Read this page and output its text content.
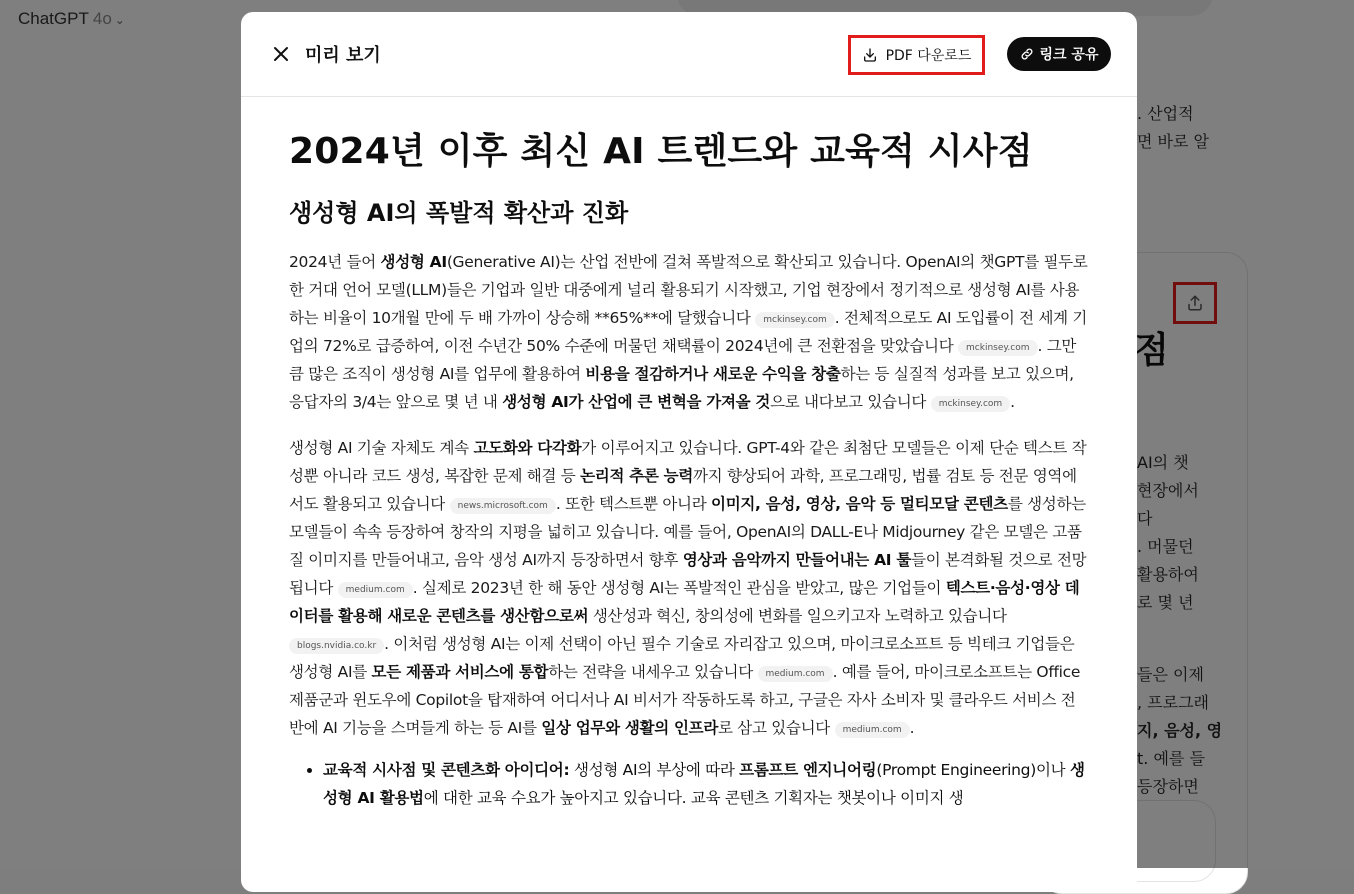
미리 보기	PDF 다운로드	링크 공유
2024년 이후 최신 AI 트렌드와 교육적 시사점
생성형 AI의 폭발적 확산과 진화

2024년 들어 생성형 AI(Generative AI)는 산업 전반에 걸쳐 폭발적으로 확산되고 있습니다. OpenAI의 챗GPT를 필두로 한 거대 언어 모델(LLM)들은 기업과 일반 대중에게 널리 활용되기 시작했고, 기업 현장에서 정기적으로 생성형 AI를 사용하는 비율이 10개월 만에 두 배 가까이 상승해 **65%**에 달했습니다 mckinsey.com . 전체적으로도 AI 도입률이 전 세계 기업의 72%로 급증하여, 이전 수년간 50% 수준에 머물던 채택률이 2024년에 큰 전환점을 맞았습니다 mckinsey.com . 그만큼 많은 조직이 생성형 AI를 업무에 활용하여 비용을 절감하거나 새로운 수익을 창출하는 등 실질적 성과를 보고 있으며, 응답자의 3/4는 앞으로 몇 년 내 생성형 AI가 산업에 큰 변혁을 가져올 것으로 내다보고 있습니다 mckinsey.com .

생성형 AI 기술 자체도 계속 고도화와 다각화가 이루어지고 있습니다. GPT-4와 같은 최첨단 모델들은 이제 단순 텍스트 작성뿐 아니라 코드 생성, 복잡한 문제 해결 등 논리적 추론 능력까지 향상되어 과학, 프로그래밍, 법률 검토 등 전문 영역에서도 활용되고 있습니다 news.microsoft.com . 또한 텍스트뿐 아니라 이미지, 음성, 영상, 음악 등 멀티모달 콘텐츠를 생성하는 모델들이 속속 등장하여 창작의 지평을 넓히고 있습니다. 예를 들어, OpenAI의 DALL-E나 Midjourney 같은 모델은 고품질 이미지를 만들어내고, 음악 생성 AI까지 등장하면서 향후 영상과 음악까지 만들어내는 AI 툴들이 본격화될 것으로 전망됩니다 medium.com . 실제로 2023년 한 해 동안 생성형 AI는 폭발적인 관심을 받았고, 많은 기업들이 텍스트·음성·영상 데이터를 활용해 새로운 콘텐츠를 생산함으로써 생산성과 혁신, 창의성에 변화를 일으키고자 노력하고 있습니다 blogs.nvidia.co.kr . 이처럼 생성형 AI는 이제 선택이 아닌 필수 기술로 자리잡고 있으며, 마이크로소프트 등 빅테크 기업들은 생성형 AI를 모든 제품과 서비스에 통합하는 전략을 내세우고 있습니다 medium.com . 예를 들어, 마이크로소프트는 Office 제품군과 윈도우에 Copilot을 탑재하여 어디서나 AI 비서가 작동하도록 하고, 구글은 자사 소비자 및 클라우드 서비스 전반에 AI 기능을 스며들게 하는 등 AI를 일상 업무와 생활의 인프라로 삼고 있습니다 medium.com .

• 교육적 시사점 및 콘텐츠화 아이디어: 생성형 AI의 부상에 따라 프롬프트 엔지니어링(Prompt Engineering)이나 생성형 AI 활용법에 대한 교육 수요가 높아지고 있습니다. 교육 콘텐츠 기획자는 챗봇이나 이미지 생
